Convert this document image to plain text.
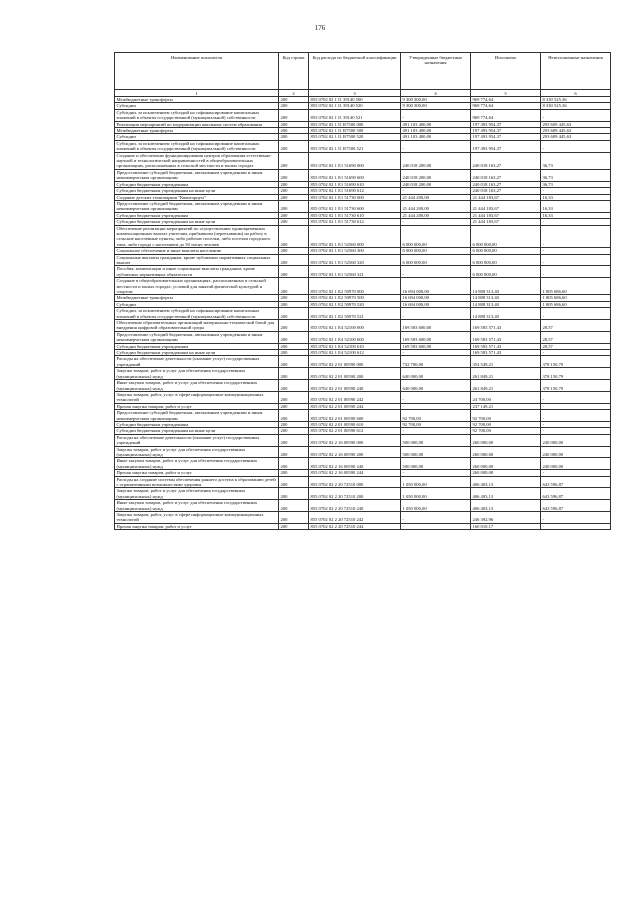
176
Наименование показателя	Код строки	Код расхода по бюджетной классификации	Утвержденные бюджетные назначения	Исполнено	Неисполненные назначения
1	2	3	4	5	6
Межбюджетные трансферты	200	855 0702 02 1 I1 39140 500	9 300 300,00	969 774,64	8 330 525,36
Субсидии	200	855 0702 02 1 I1 39140 520	9 300 300,00	969 774,64	8 330 525,36
Субсидии, за исключением субсидий на софинансирование капитальных вложений в объекты государственной (муниципальной) собственности	200	855 0702 02 1 I1 39140 521	-	969 774,64	-
Реализация мероприятий по модернизации школьных систем образования	200	855 0702 02 1 I1 R7500 000	491 103 400,00	197 493 954,37	293 609 445,63
Межбюджетные трансферты	200	855 0702 02 1 I1 R7500 500	491 103 400,00	197 493 954,37	293 609 445,63
Субсидии	200	855 0702 02 1 I1 R7500 520	491 103 400,00	197 493 954,37	293 609 445,63
Субсидии, за исключением субсидий на софинансирование капитальных вложений в объекты государственной (муниципальной) собственности	200	855 0702 02 1 I1 R7500 521	-	197 493 954,37	-
Создание и обеспечение функционирования центров образования естественно-научной и технологической направленностей в общеобразовательных организациях, расположенных в сельской местности и малых городах	200	855 0702 02 1 E1 51690 000	240 018 200,00	240 018 163,27	36,73
Предоставление субсидий бюджетным, автономным учреждениям и иным некоммерческим организациям	200	855 0702 02 1 E1 51690 600	240 018 200,00	240 018 163,27	36,73
Субсидии бюджетным учреждениям	200	855 0702 02 1 E1 51690 610	240 018 200,00	240 018 163,27	36,73
Субсидии бюджетным учреждениям на иные цели	200	855 0702 02 1 E1 51690 612	-	240 018 163,27	-
Создание детских технопарков "Кванториум"	200	855 0702 02 1 E1 51730 000	21 444 200,00	21 444 183,67	16,33
Предоставление субсидий бюджетным, автономным учреждениям и иным некоммерческим организациям	200	855 0702 02 1 E1 51730 600	21 444 200,00	21 444 183,67	16,33
Субсидии бюджетным учреждениям	200	855 0702 02 1 E1 51730 610	21 444 200,00	21 444 183,67	16,33
Субсидии бюджетным учреждениям на иные цели	200	855 0702 02 1 E1 51730 612	-	21 444 183,67	-
Обеспечение реализации мероприятий по осуществлению единовременных компенсационных выплат учителям, прибывшим (переехавшим) на работу в сельские населенные пункты, либо рабочие поселки, либо поселки городского типа, либо города с населением до 50 тысяч человек	200	855 0702 02 1 E1 52560 000	6 000 000,00	6 000 000,00	-
Социальное обеспечение и иные выплаты населению	200	855 0702 02 1 E1 52560 300	6 000 000,00	6 000 000,00	-
Социальные выплаты гражданам, кроме публичных нормативных социальных выплат	200	855 0702 02 1 E1 52560 320	6 000 000,00	6 000 000,00	-
Пособия, компенсации и иные социальные выплаты гражданам, кроме публичных нормативных обязательств	200	855 0702 02 1 E1 52560 321	-	6 000 000,00	-
Создание в общеобразовательных организациях, расположенных в сельской местности и малых городах, условий для занятий физической культурой и спортом	200	855 0702 02 1 E2 50970 000	16 694 000,00	14 888 313,40	1 805 686,60
Межбюджетные трансферты	200	855 0702 02 1 E2 50970 500	16 694 000,00	14 888 313,40	1 805 686,60
Субсидии	200	855 0702 02 1 E2 50970 520	16 694 000,00	14 888 313,40	1 805 686,60
Субсидии, за исключением субсидий на софинансирование капитальных вложений в объекты государственной (муниципальной) собственности	200	855 0702 02 1 E2 50970 521	-	14 888 313,40	-
Обеспечение образовательных организаций материально-технической базой для внедрения цифровой образовательной среды	200	855 0702 02 1 E4 52100 000	169 583 600,00	169 583 571,43	28,57
Предоставление субсидий бюджетным, автономным учреждениям и иным некоммерческим организациям	200	855 0702 02 1 E4 52100 600	169 583 600,00	169 583 571,43	28,57
Субсидии бюджетным учреждениям	200	855 0702 02 1 E4 52100 610	169 583 600,00	169 583 571,43	28,57
Субсидии бюджетным учреждениям на иные цели	200	855 0702 02 1 E4 52100 612	-	169 583 571,43	-
Расходы на обеспечение деятельности (оказание услуг) государственных учреждений	200	855 0702 02 2 01 00590 000	732 700,00	354 549,21	378 150,79
Закупка товаров, работ и услуг для обеспечения государственных (муниципальных) нужд	200	855 0702 02 2 01 00590 200	640 000,00	261 849,21	378 150,79
Иные закупки товаров, работ и услуг для обеспечения государственных (муниципальных) нужд	200	855 0702 02 2 01 00590 240	640 000,00	261 849,21	378 150,79
Закупка товаров, работ, услуг в сфере информационно-коммуникационных технологий	200	855 0702 02 2 01 00590 242	-	24 700,00	-
Прочая закупка товаров, работ и услуг	200	855 0702 02 2 01 00590 244	-	237 149,21	-
Предоставление субсидий бюджетным, автономным учреждениям и иным некоммерческим организациям	200	855 0702 02 2 01 00590 600	92 700,00	92 700,00	-
Субсидии бюджетным учреждениям	200	855 0702 02 2 01 00590 610	92 700,00	92 700,00	-
Субсидии бюджетным учреждениям на иные цели	200	855 0702 02 2 01 00590 612	-	92 700,00	-
Расходы на обеспечение деятельности (оказание услуг) государственных учреждений	200	855 0702 02 2 16 00590 000	500 000,00	260 000,00	240 000,00
Закупка товаров, работ и услуг для обеспечения государственных (муниципальных) нужд	200	855 0702 02 2 16 00590 200	500 000,00	260 000,00	240 000,00
Иные закупки товаров, работ и услуг для обеспечения государственных (муниципальных) нужд	200	855 0702 02 2 16 00590 240	500 000,00	260 000,00	240 000,00
Прочая закупка товаров, работ и услуг	200	855 0702 02 2 16 00590 244	-	260 000,00	-
Расходы на создание системы обеспечения раннего доступа к образованию детей с ограниченными возможностями здоровья	200	855 0702 02 2 20 72510 000	1 050 000,00	406 403,13	643 596,87
Закупка товаров, работ и услуг для обеспечения государственных (муниципальных) нужд	200	855 0702 02 2 20 72510 200	1 050 000,00	406 403,13	643 596,87
Иные закупки товаров, работ и услуг для обеспечения государственных (муниципальных) нужд	200	855 0702 02 2 20 72510 240	1 050 000,00	406 403,13	643 596,87
Закупка товаров, работ, услуг в сфере информационно-коммуникационных технологий	200	855 0702 02 2 20 72510 242	-	246 392,96	-
Прочая закупка товаров, работ и услуг	200	855 0702 02 2 20 72510 244	-	160 010,17	-
